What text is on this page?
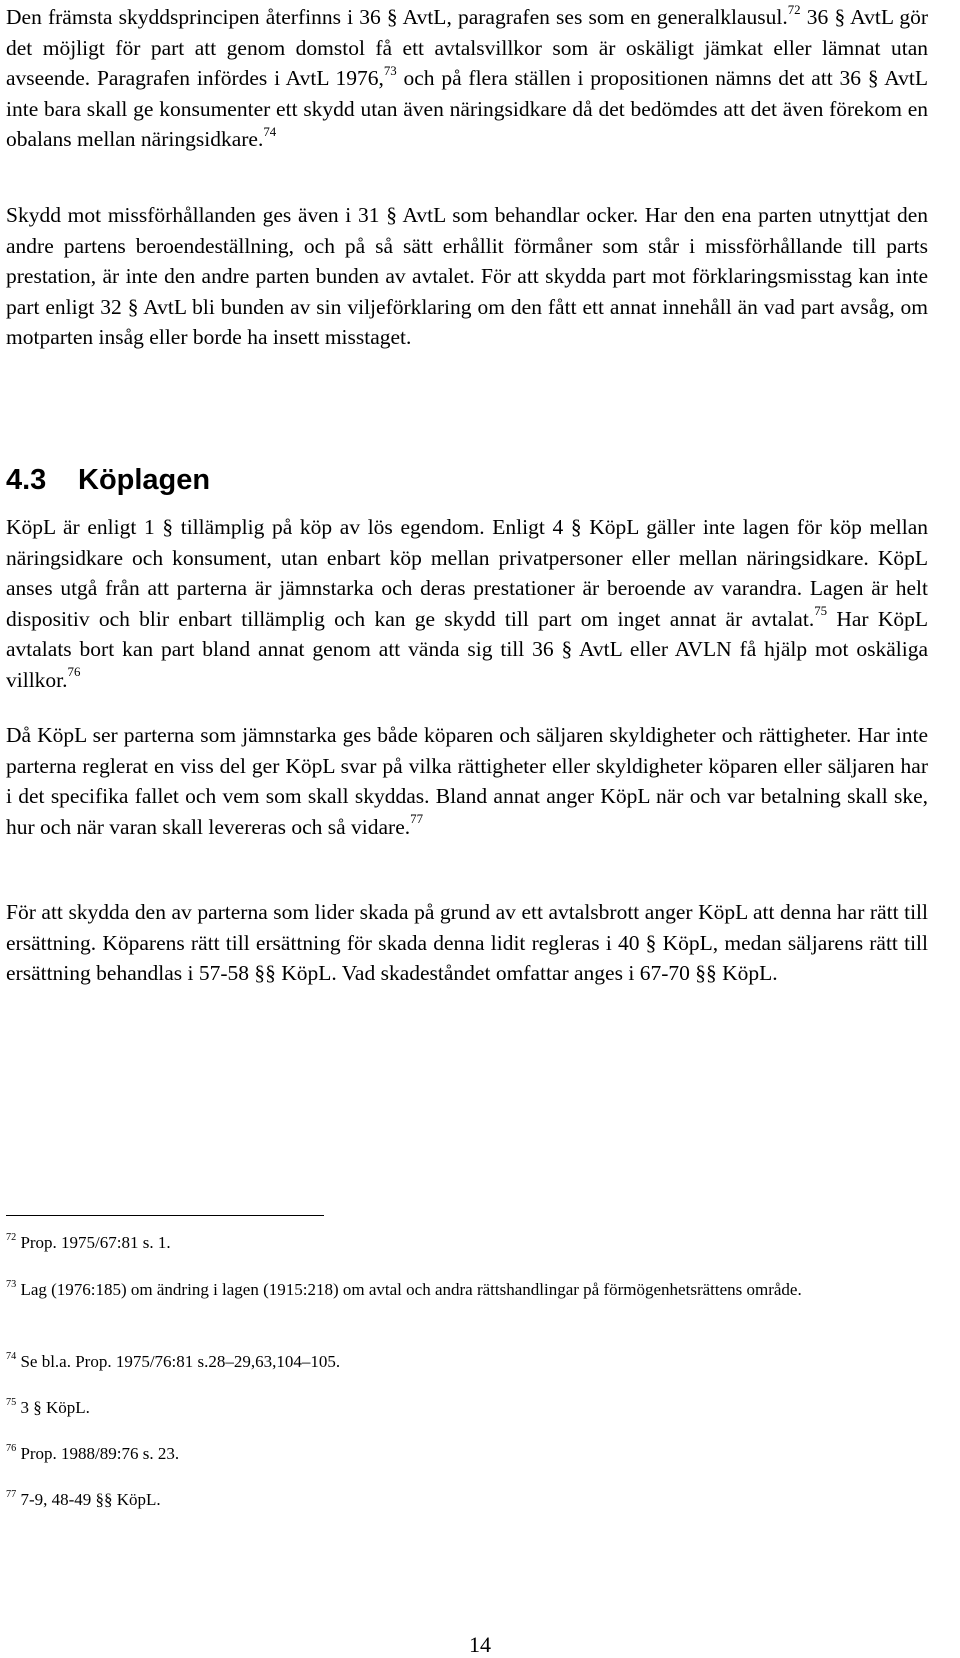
Den främsta skyddsprincipen återfinns i 36 § AvtL, paragrafen ses som en generalklausul.$^{72}$ 36 § AvtL gör det möjligt för part att genom domstol få ett avtalsvillkor som är oskäligt jämkat eller lämnat utan avseende. Paragrafen infördes i AvtL 1976,73 och på flera ställen i propositionen nämns det att 36 § AvtL inte bara skall ge konsumenter ett skydd utan även näringsidkare då det bedömdes att det även förekom en obalans mellan näringsidkare.$^{74}$

Skydd mot missförhållanden ges även i 31 § AvtL som behandlar ocker. Har den ena parten utnyttjat den andre partens beroendeställning, och på så sätt erhållit förmåner som står i missförhållande till parts prestation, är inte den andre parten bunden av avtalet. För att skydda part mot förklaringsmisstag kan inte part enligt 32 § AvtL bli bunden av sin viljeförklaring om den fått ett annat innehåll än vad part avsåg, om motparten insåg eller borde ha insett misstaget.

4.3 Köplagen

KöpL är enligt 1 § tillämplig på köp av lös egendom. Enligt 4 § KöpL gäller inte lagen för köp mellan näringsidkare och konsument, utan enbart köp mellan privatpersoner eller mellan näringsidkare. KöpL anses utgå från att parterna är jämnstarka och deras prestationer är beroende av varandra. Lagen är helt dispositiv och blir enbart tillämplig och kan ge skydd till part om inget annat är avtalat.$^{75}$ Har KöpL avtalats bort kan part bland annat genom att vända sig till 36 § AvtL eller AVLN få hjälp mot oskäliga villkor.$^{76}$

Då KöpL ser parterna som jämnstarka ges både köparen och säljaren skyldigheter och rättigheter. Har inte parterna reglerat en viss del ger KöpL svar på vilka rättigheter eller skyldigheter köparen eller säljaren har i det specifika fallet och vem som skall skyddas. Bland annat anger KöpL när och var betalning skall ske, hur och när varan skall levereras och så vidare.$^{77}$

För att skydda den av parterna som lider skada på grund av ett avtalsbrott anger KöpL att denna har rätt till ersättning. Köparens rätt till ersättning för skada denna lidit regleras i 40 § KöpL, medan säljarens rätt till ersättning behandlas i 57-58 §§ KöpL. Vad skadeståndet omfattar anges i 67-70 §§ KöpL.

$^{72}$ Prop. 1975/67:81 s. 1.

$^{73}$ Lag (1976:185) om ändring i lagen (1915:218) om avtal och andra rättshandlingar på förmögenhetsrättens område.

$^{74}$ Se bl.a. Prop. 1975/76:81 s.28–29,63,104–105.

$^{75}$ 3 § KöpL.

$^{76}$ Prop. 1988/89:76 s. 23.

$^{77}$ 7-9, 48-49 §§ KöpL.

14
